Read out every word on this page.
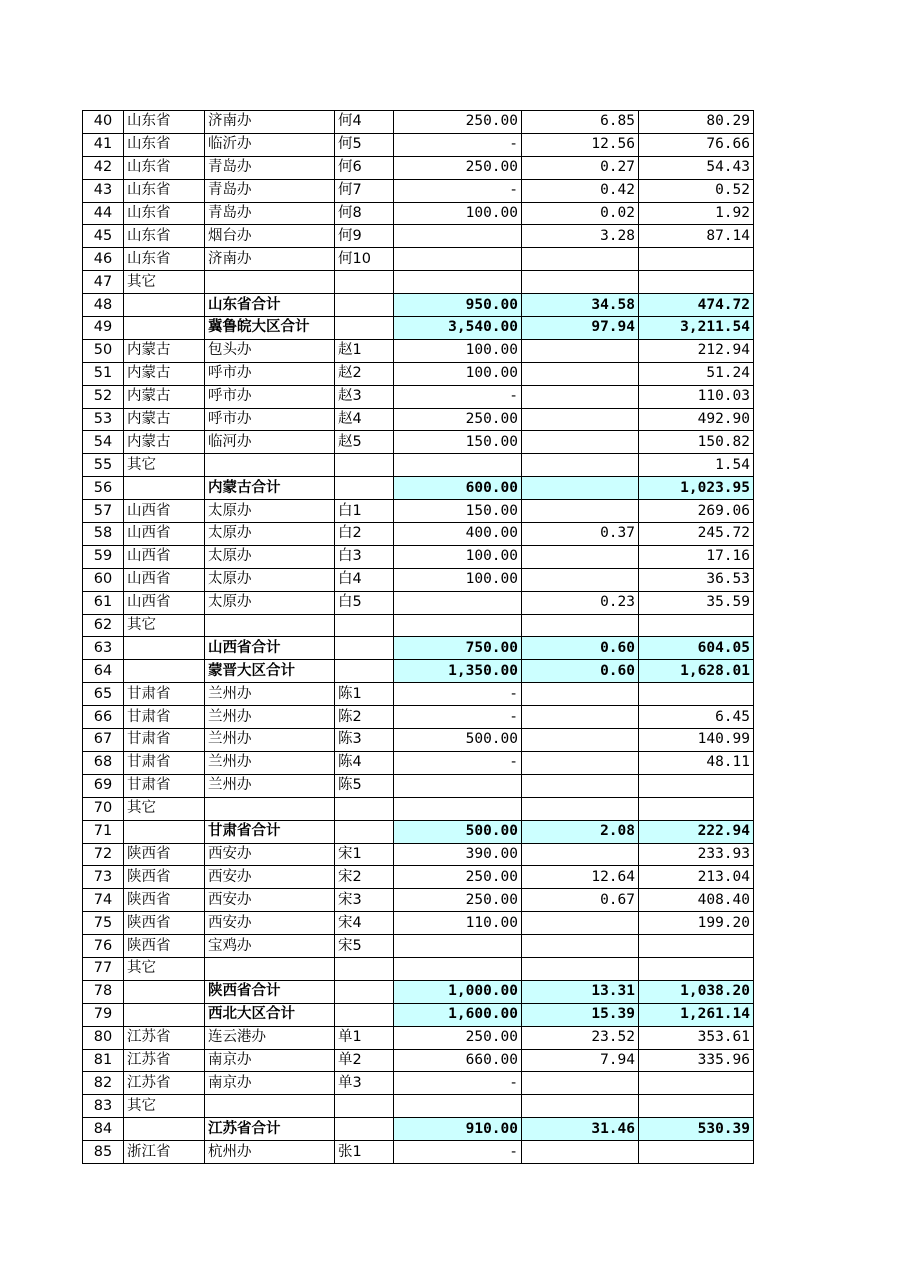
40	山东省	济南办	何4	250.00	6.85	80.29
41	山东省	临沂办	何5	-	12.56	76.66
42	山东省	青岛办	何6	250.00	0.27	54.43
43	山东省	青岛办	何7	-	0.42	0.52
44	山东省	青岛办	何8	100.00	0.02	1.92
45	山东省	烟台办	何9		3.28	87.14
46	山东省	济南办	何10			
47	其它					
48		山东省合计		950.00	34.58	474.72
49		冀鲁皖大区合计		3,540.00	97.94	3,211.54
50	内蒙古	包头办	赵1	100.00		212.94
51	内蒙古	呼市办	赵2	100.00		51.24
52	内蒙古	呼市办	赵3	-		110.03
53	内蒙古	呼市办	赵4	250.00		492.90
54	内蒙古	临河办	赵5	150.00		150.82
55	其它					1.54
56		内蒙古合计		600.00		1,023.95
57	山西省	太原办	白1	150.00		269.06
58	山西省	太原办	白2	400.00	0.37	245.72
59	山西省	太原办	白3	100.00		17.16
60	山西省	太原办	白4	100.00		36.53
61	山西省	太原办	白5		0.23	35.59
62	其它					
63		山西省合计		750.00	0.60	604.05
64		蒙晋大区合计		1,350.00	0.60	1,628.01
65	甘肃省	兰州办	陈1	-		
66	甘肃省	兰州办	陈2	-		6.45
67	甘肃省	兰州办	陈3	500.00		140.99
68	甘肃省	兰州办	陈4	-		48.11
69	甘肃省	兰州办	陈5			
70	其它					
71		甘肃省合计		500.00	2.08	222.94
72	陕西省	西安办	宋1	390.00		233.93
73	陕西省	西安办	宋2	250.00	12.64	213.04
74	陕西省	西安办	宋3	250.00	0.67	408.40
75	陕西省	西安办	宋4	110.00		199.20
76	陕西省	宝鸡办	宋5			
77	其它					
78		陕西省合计		1,000.00	13.31	1,038.20
79		西北大区合计		1,600.00	15.39	1,261.14
80	江苏省	连云港办	单1	250.00	23.52	353.61
81	江苏省	南京办	单2	660.00	7.94	335.96
82	江苏省	南京办	单3	-		
83	其它					
84		江苏省合计		910.00	31.46	530.39
85	浙江省	杭州办	张1	-		
